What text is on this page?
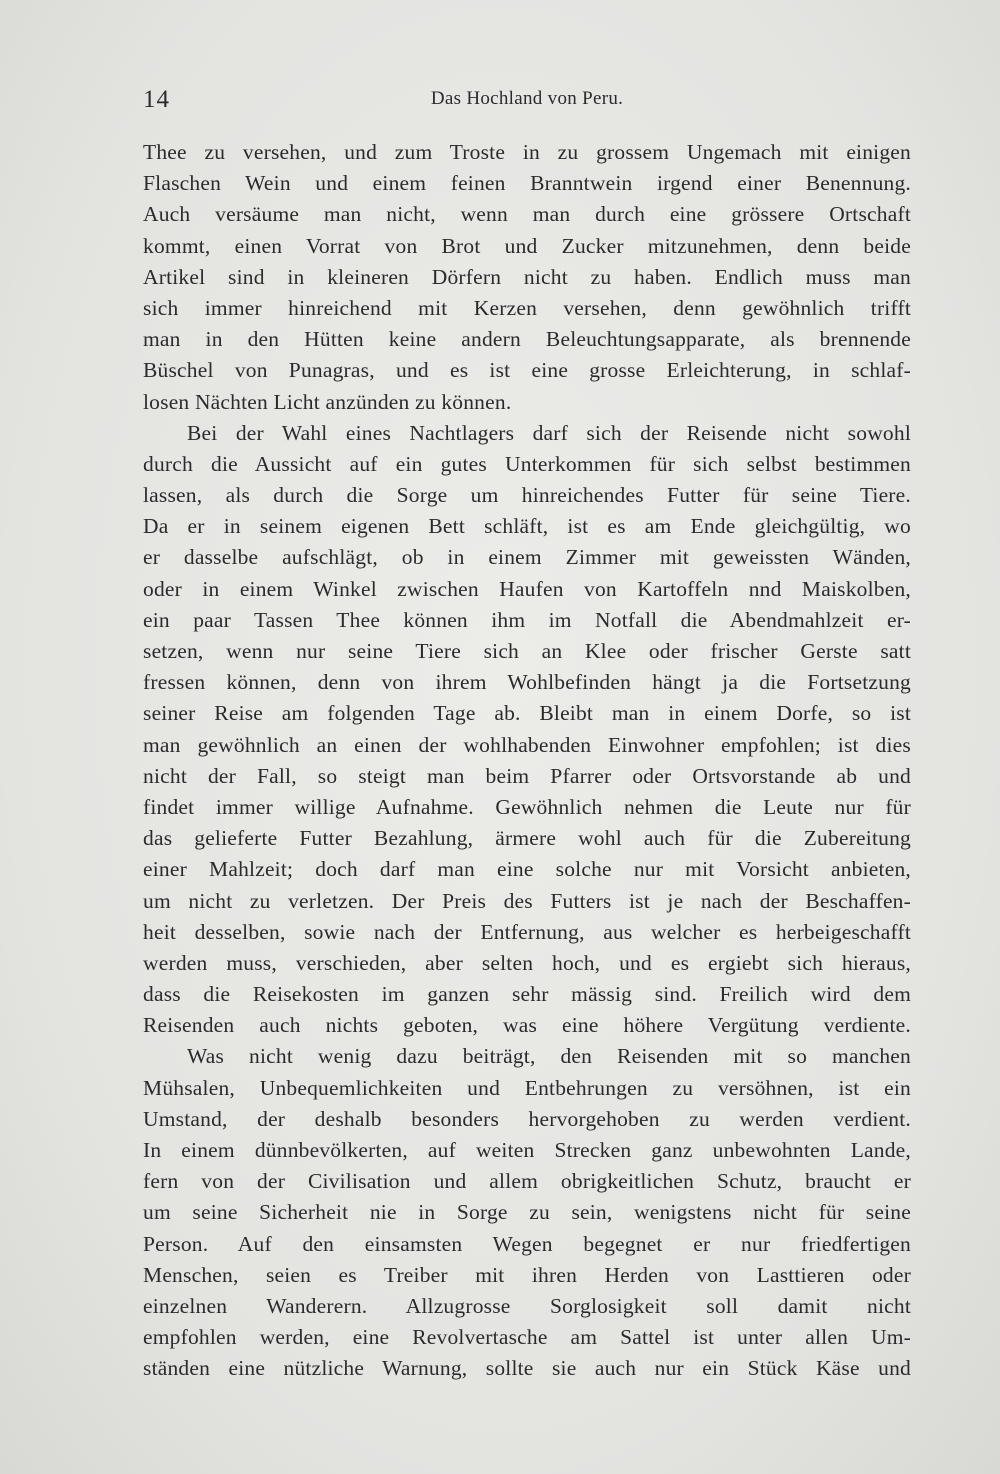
14	Das Hochland von Peru.
Thee zu versehen, und zum Troste in zu grossem Ungemach mit einigen
Flaschen Wein und einem feinen Branntwein irgend einer Benennung.
Auch versäume man nicht, wenn man durch eine grössere Ortschaft
kommt, einen Vorrat von Brot und Zucker mitzunehmen, denn beide
Artikel sind in kleineren Dörfern nicht zu haben. Endlich muss man
sich immer hinreichend mit Kerzen versehen, denn gewöhnlich trifft
man in den Hütten keine andern Beleuchtungsapparate, als brennende
Büschel von Punagras, und es ist eine grosse Erleichterung, in schlaf-
losen Nächten Licht anzünden zu können.
Bei der Wahl eines Nachtlagers darf sich der Reisende nicht sowohl
durch die Aussicht auf ein gutes Unterkommen für sich selbst bestimmen
lassen, als durch die Sorge um hinreichendes Futter für seine Tiere.
Da er in seinem eigenen Bett schläft, ist es am Ende gleichgültig, wo
er dasselbe aufschlägt, ob in einem Zimmer mit geweissten Wänden,
oder in einem Winkel zwischen Haufen von Kartoffeln nnd Maiskolben,
ein paar Tassen Thee können ihm im Notfall die Abendmahlzeit er-
setzen, wenn nur seine Tiere sich an Klee oder frischer Gerste satt
fressen können, denn von ihrem Wohlbefinden hängt ja die Fortsetzung
seiner Reise am folgenden Tage ab. Bleibt man in einem Dorfe, so ist
man gewöhnlich an einen der wohlhabenden Einwohner empfohlen; ist dies
nicht der Fall, so steigt man beim Pfarrer oder Ortsvorstande ab und
findet immer willige Aufnahme. Gewöhnlich nehmen die Leute nur für
das gelieferte Futter Bezahlung, ärmere wohl auch für die Zubereitung
einer Mahlzeit; doch darf man eine solche nur mit Vorsicht anbieten,
um nicht zu verletzen. Der Preis des Futters ist je nach der Beschaffen-
heit desselben, sowie nach der Entfernung, aus welcher es herbeigeschafft
werden muss, verschieden, aber selten hoch, und es ergiebt sich hieraus,
dass die Reisekosten im ganzen sehr mässig sind. Freilich wird dem
Reisenden auch nichts geboten, was eine höhere Vergütung verdiente.
Was nicht wenig dazu beiträgt, den Reisenden mit so manchen
Mühsalen, Unbequemlichkeiten und Entbehrungen zu versöhnen, ist ein
Umstand, der deshalb besonders hervorgehoben zu werden verdient.
In einem dünnbevölkerten, auf weiten Strecken ganz unbewohnten Lande,
fern von der Civilisation und allem obrigkeitlichen Schutz, braucht er
um seine Sicherheit nie in Sorge zu sein, wenigstens nicht für seine
Person. Auf den einsamsten Wegen begegnet er nur friedfertigen
Menschen, seien es Treiber mit ihren Herden von Lasttieren oder
einzelnen Wanderern. Allzugrosse Sorglosigkeit soll damit nicht
empfohlen werden, eine Revolvertasche am Sattel ist unter allen Um-
ständen eine nützliche Warnung, sollte sie auch nur ein Stück Käse und
